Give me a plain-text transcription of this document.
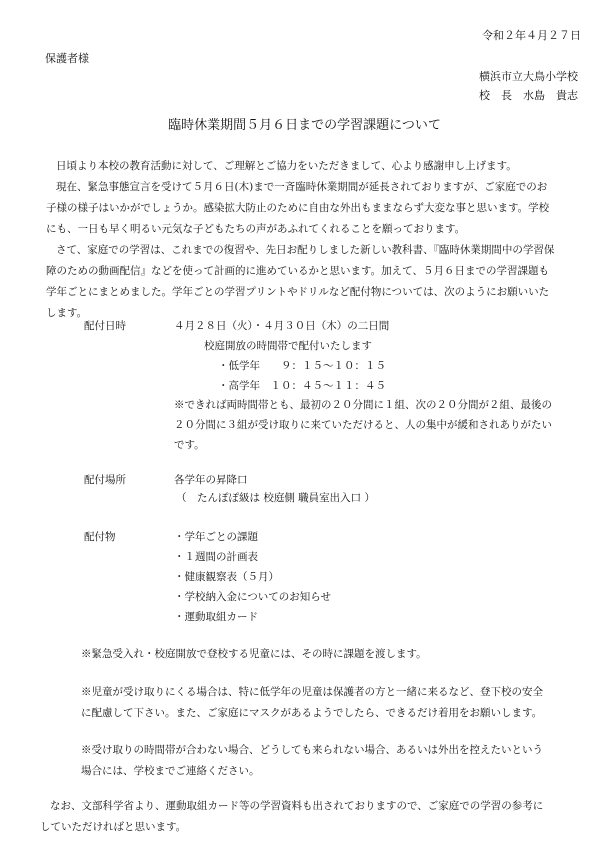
令和２年４月２７日
保護者様
横浜市立大鳥小学校
校　長　水島　貴志
臨時休業期間５月６日までの学習課題について
日頃より本校の教育活動に対して、ご理解とご協力をいただきまして、心より感謝申し上げます。
現在、緊急事態宣言を受けて５月６日(木)まで一斉臨時休業期間が延長されておりますが、ご家庭でのお
子様の様子はいかがでしょうか。感染拡大防止のために自由な外出もままならず大変な事と思います。学校
にも、一日も早く明るい元気な子どもたちの声があふれてくれることを願っております。
さて、家庭での学習は、これまでの復習や、先日お配りしました新しい教科書、『臨時休業期間中の学習保
障のための動画配信』などを使って計画的に進めているかと思います。加えて、５月６日までの学習課題も
学年ごとにまとめました。学年ごとの学習プリントやドリルなど配付物については、次のようにお願いいた
します。
配付日時	４月２８日（火）・４月３０日（木）の二日間
校庭開放の時間帯で配付いたします
・低学年　　９：１５～１０：１５
・高学年　１０：４５～１１：４５
※できれば両時間帯とも、最初の２０分間に１組、次の２０分間が２組、最後の
２０分間に３組が受け取りに来ていただけると、人の集中が緩和されありがたい
です。
配付場所	各学年の昇降口
（　たんぽぽ級は 校庭側 職員室出入口 ）
配付物	・学年ごとの課題
・１週間の計画表
・健康観察表（５月）
・学校納入金についてのお知らせ
・運動取組カード
※緊急受入れ・校庭開放で登校する児童には、その時に課題を渡します。
※児童が受け取りにくる場合は、特に低学年の児童は保護者の方と一緒に来るなど、登下校の安全
に配慮して下さい。また、ご家庭にマスクがあるようでしたら、できるだけ着用をお願いします。
※受け取りの時間帯が合わない場合、どうしても来られない場合、あるいは外出を控えたいという
場合には、学校までご連絡ください。
なお、文部科学省より、運動取組カード等の学習資料も出されておりますので、ご家庭での学習の参考に
していただければと思います。
